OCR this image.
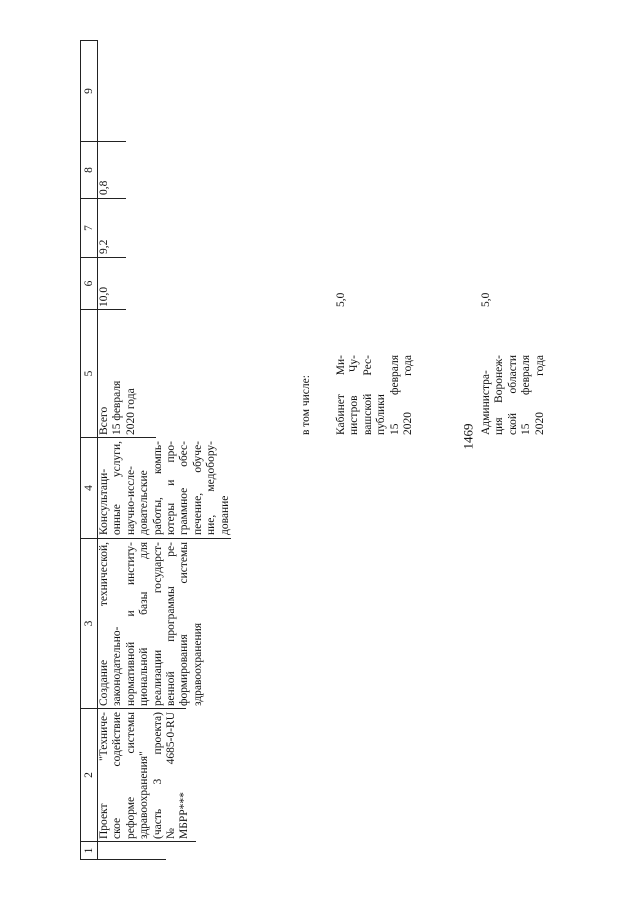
1469
1
2
3
4
5
6
7
8
9
Проект "Техниче-
ское содействие
реформе системы
здравоохранения"
(часть 3 проекта)
№ 4685-0-RU
МБРР***
Создание технической,
законодательно-
нормативной и институ-
циональной базы для
реализации государст-
венной программы ре-
формирования системы
здравоохранения
Консультаци-
онные услуги,
научно-иссле-
довательские
работы, компь-
ютеры и про-
граммное обес-
печение, обуче-
ние, медобору-
дование
Всего
15 февраля
2020 года
10,0
9,2
0,8
в том числе: Кабинет Ми-
нистров Чу-
вашской Рес-
публики
15 февраля
2020 года
5,0
Администра-
ция Воронеж-
ской области
15 февраля
2020 года
5,0
